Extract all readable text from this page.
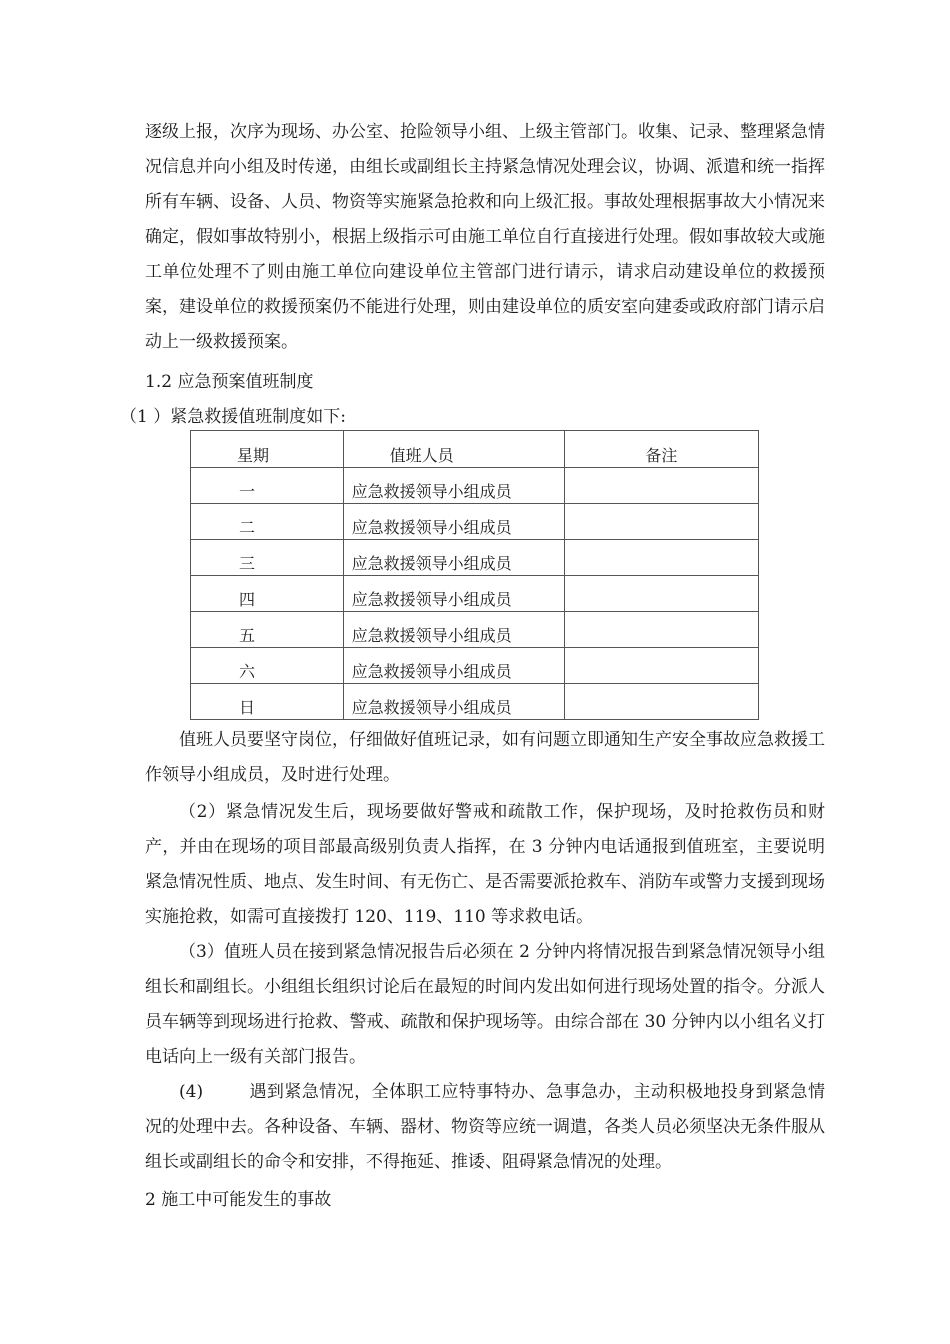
逐级上报，次序为现场、办公室、抢险领导小组、上级主管部门。收集、记录、整理紧急情况信息并向小组及时传递，由组长或副组长主持紧急情况处理会议，协调、派遣和统一指挥所有车辆、设备、人员、物资等实施紧急抢救和向上级汇报。事故处理根据事故大小情况来确定，假如事故特别小，根据上级指示可由施工单位自行直接进行处理。假如事故较大或施工单位处理不了则由施工单位向建设单位主管部门进行请示，请求启动建设单位的救援预案，建设单位的救援预案仍不能进行处理，则由建设单位的质安室向建委或政府部门请示启动上一级救援预案。

1.2 应急预案值班制度

（1 ）紧急救援值班制度如下:

星期	值班人员	备注
一	应急救援领导小组成员	
二	应急救援领导小组成员	
三	应急救援领导小组成员	
四	应急救援领导小组成员	
五	应急救援领导小组成员	
六	应急救援领导小组成员	
日	应急救援领导小组成员	

值班人员要坚守岗位，仔细做好值班记录，如有问题立即通知生产安全事故应急救援工作领导小组成员，及时进行处理。

（2）紧急情况发生后，现场要做好警戒和疏散工作，保护现场，及时抢救伤员和财产，并由在现场的项目部最高级别负责人指挥，在 3 分钟内电话通报到值班室，主要说明紧急情况性质、地点、发生时间、有无伤亡、是否需要派抢救车、消防车或警力支援到现场实施抢救，如需可直接拨打 120、119、110 等求救电话。

（3）值班人员在接到紧急情况报告后必须在 2 分钟内将情况报告到紧急情况领导小组组长和副组长。小组组长组织讨论后在最短的时间内发出如何进行现场处置的指令。分派人员车辆等到现场进行抢救、警戒、疏散和保护现场等。由综合部在 30 分钟内以小组名义打电话向上一级有关部门报告。

(4)	遇到紧急情况，全体职工应特事特办、急事急办，主动积极地投身到紧急情况的处理中去。各种设备、车辆、器材、物资等应统一调遣，各类人员必须坚决无条件服从组长或副组长的命令和安排，不得拖延、推诿、阻碍紧急情况的处理。

2 施工中可能发生的事故
